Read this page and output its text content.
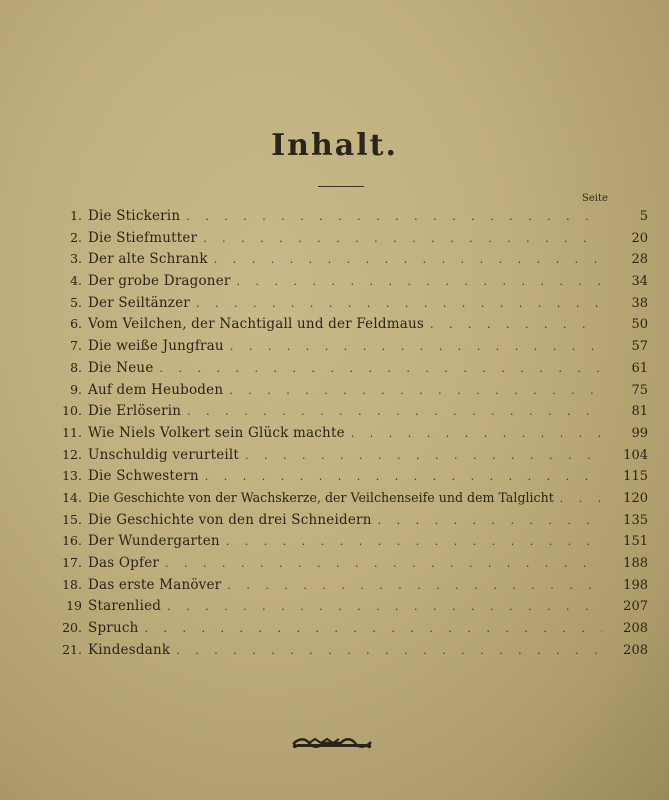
Inhalt.
Seite
1. Die Stickerin . . .	5
2. Die Stiefmutter . . .	20
3. Der alte Schrank . . .	28
4. Der grobe Dragoner . . .	34
5. Der Seiltänzer . . .	38
6. Vom Veilchen, der Nachtigall und der Feldmaus . . .	50
7. Die weiße Jungfrau . . .	57
8. Die Neue . . .	61
9. Auf dem Heuboden . . .	75
10. Die Erlöserin . . .	81
11. Wie Niels Volkert sein Glück machte . . .	99
12. Unschuldig verurteilt . . .	104
13. Die Schwestern . . .	115
14. Die Geschichte von der Wachskerze, der Veilchenseife und dem Talglicht . . .	120
15. Die Geschichte von den drei Schneidern . . .	135
16. Der Wundergarten . . .	151
17. Das Opfer . . .	188
18. Das erste Manöver . . .	198
19 Starenlied . . .	207
20. Spruch . . .	208
21. Kindesdank . . .	208
